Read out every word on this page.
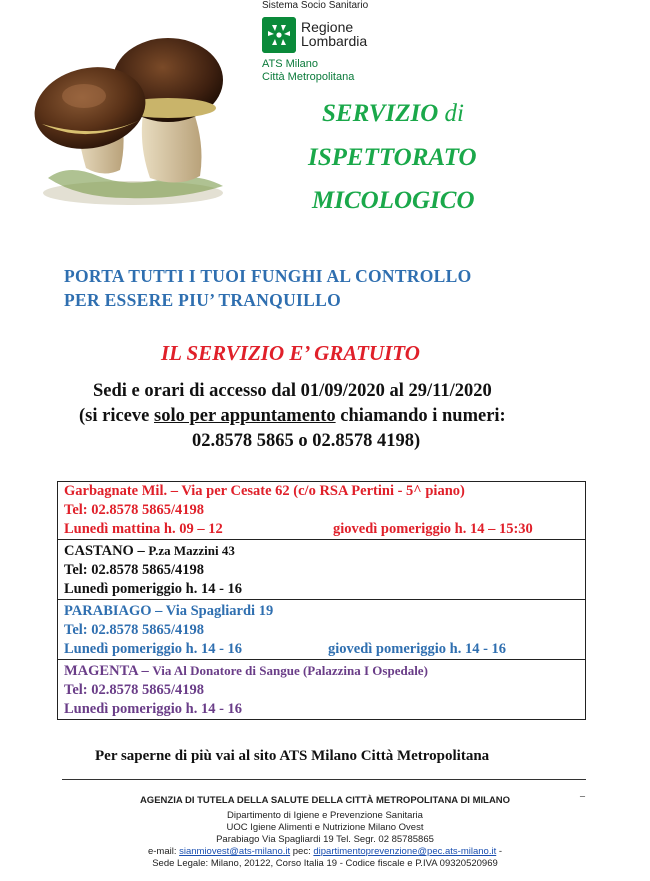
Sistema Socio Sanitario
Regione
Lombardia
ATS Milano
Città Metropolitana
SERVIZIO di
ISPETTORATO
MICOLOGICO
PORTA TUTTI I TUOI FUNGHI AL CONTROLLO
PER ESSERE PIU’ TRANQUILLO
IL SERVIZIO E’ GRATUITO
Sedi e orari di accesso dal 01/09/2020 al 29/11/2020
(si riceve solo per appuntamento chiamando i numeri:
02.8578 5865 o 02.8578 4198)
Garbagnate Mil. – Via per Cesate 62 (c/o RSA Pertini - 5^ piano)
Tel: 02.8578 5865/4198
Lunedì mattina h. 09 – 12	giovedì pomeriggio h. 14 – 15:30
CASTANO – P.za Mazzini 43
Tel: 02.8578 5865/4198
Lunedì pomeriggio h. 14 - 16
PARABIAGO – Via Spagliardi 19
Tel: 02.8578 5865/4198
Lunedì pomeriggio h. 14 - 16	giovedì pomeriggio h. 14 - 16
MAGENTA – Via Al Donatore di Sangue (Palazzina I Ospedale)
Tel: 02.8578 5865/4198
Lunedì pomeriggio h. 14 - 16
Per saperne di più vai al sito ATS Milano Città Metropolitana
_
AGENZIA DI TUTELA DELLA SALUTE DELLA CITTÀ METROPOLITANA DI MILANO
Dipartimento di Igiene e Prevenzione Sanitaria
UOC Igiene Alimenti e Nutrizione Milano Ovest
Parabiago Via Spagliardi 19 Tel. Segr. 02 85785865
e-mail: sianmiovest@ats-milano.it pec: dipartimentoprevenzione@pec.ats-milano.it -
Sede Legale: Milano, 20122, Corso Italia 19 - Codice fiscale e P.IVA 09320520969
